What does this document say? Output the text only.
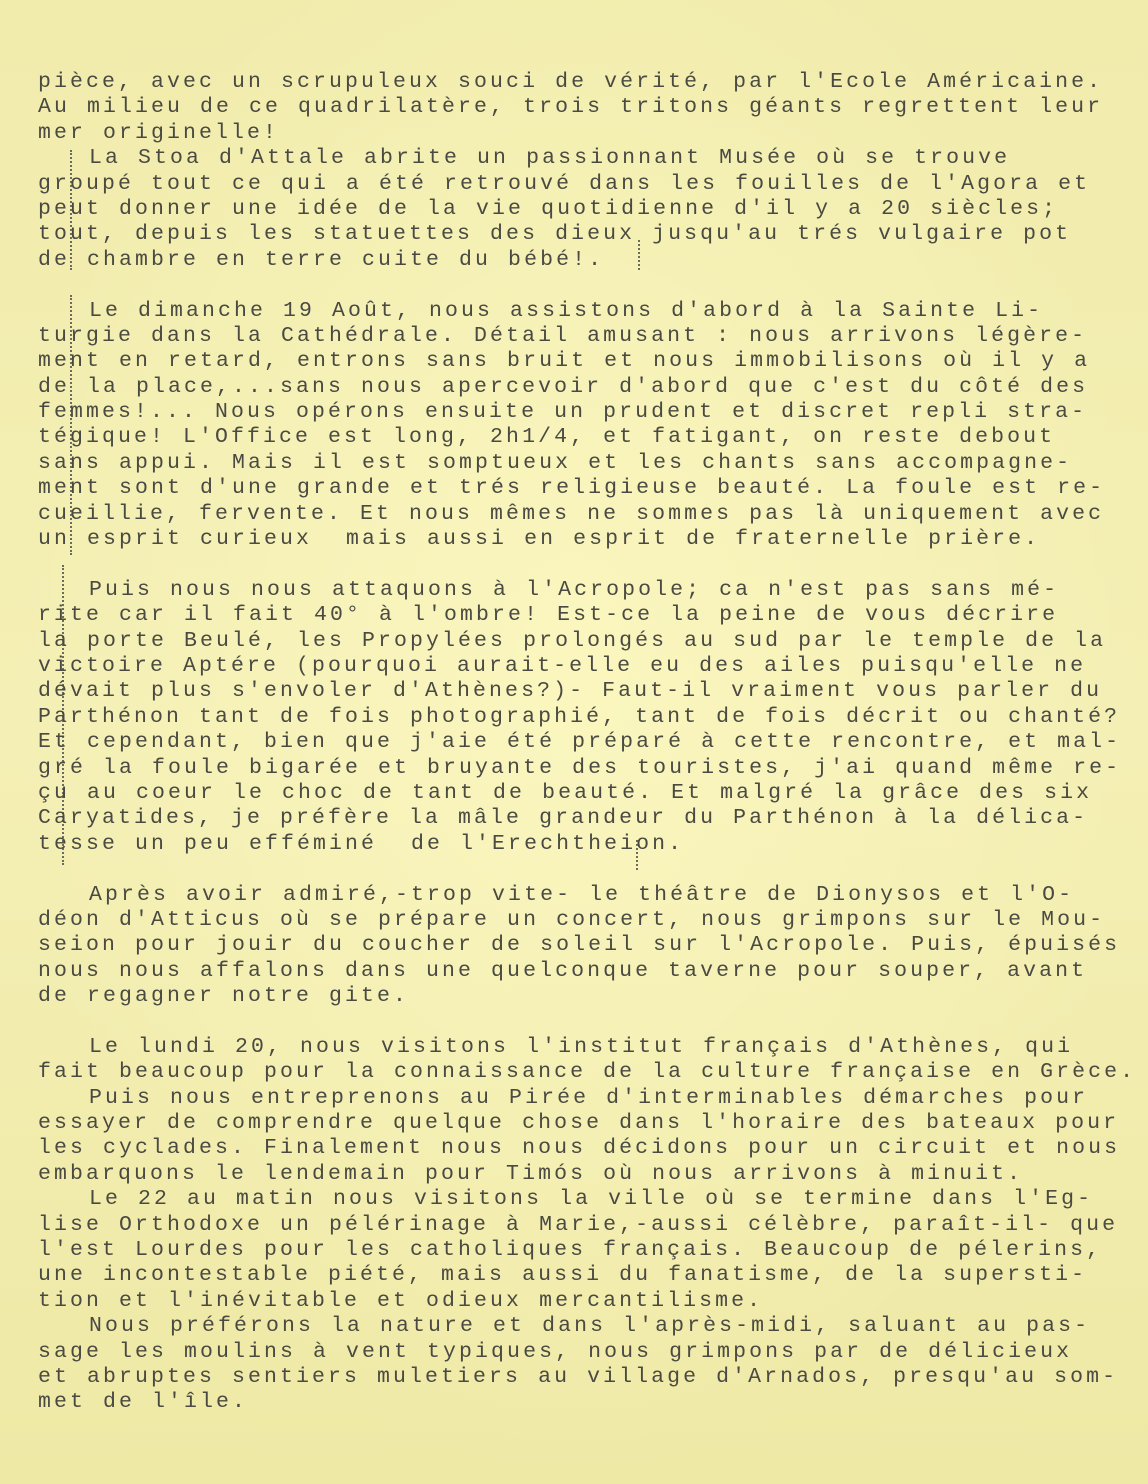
pièce, avec un scrupuleux souci de vérité, par l'Ecole Américaine.
Au milieu de ce quadrilatère, trois tritons géants regrettent leur
mer originelle!
La Stoa d'Attale abrite un passionnant Musée où se trouve
groupé tout ce qui a été retrouvé dans les fouilles de l'Agora et
peut donner une idée de la vie quotidienne d'il y a 20 siècles;
tout, depuis les statuettes des dieux jusqu'au trés vulgaire pot
de chambre en terre cuite du bébé!.
Le dimanche 19 Août, nous assistons d'abord à la Sainte Li-
turgie dans la Cathédrale. Détail amusant : nous arrivons légère-
ment en retard, entrons sans bruit et nous immobilisons où il y a
de la place,...sans nous apercevoir d'abord que c'est du côté des
femmes!... Nous opérons ensuite un prudent et discret repli stra-
tégique! L'Office est long, 2h1/4, et fatigant, on reste debout
sans appui. Mais il est somptueux et les chants sans accompagne-
ment sont d'une grande et trés religieuse beauté. La foule est re-
cueillie, fervente. Et nous mêmes ne sommes pas là uniquement avec
un esprit curieux  mais aussi en esprit de fraternelle prière.
Puis nous nous attaquons à l'Acropole; ca n'est pas sans mé-
rite car il fait 40° à l'ombre! Est-ce la peine de vous décrire
la porte Beulé, les Propylées prolongés au sud par le temple de la
victoire Aptére (pourquoi aurait-elle eu des ailes puisqu'elle ne
dévait plus s'envoler d'Athènes?)- Faut-il vraiment vous parler du
Parthénon tant de fois photographié, tant de fois décrit ou chanté?
Et cependant, bien que j'aie été préparé à cette rencontre, et mal-
gré la foule bigarée et bruyante des touristes, j'ai quand même re-
çu au coeur le choc de tant de beauté. Et malgré la grâce des six
Caryatides, je préfère la mâle grandeur du Parthénon à la délica-
tesse un peu efféminé  de l'Erechtheion.
Après avoir admiré,-trop vite- le théâtre de Dionysos et l'O-
déon d'Atticus où se prépare un concert, nous grimpons sur le Mou-
seion pour jouir du coucher de soleil sur l'Acropole. Puis, épuisés
nous nous affalons dans une quelconque taverne pour souper, avant
de regagner notre gite.
Le lundi 20, nous visitons l'institut français d'Athènes, qui
fait beaucoup pour la connaissance de la culture française en Grèce.
Puis nous entreprenons au Pirée d'interminables démarches pour
essayer de comprendre quelque chose dans l'horaire des bateaux pour
les cyclades. Finalement nous nous décidons pour un circuit et nous
embarquons le lendemain pour Timós où nous arrivons à minuit.
Le 22 au matin nous visitons la ville où se termine dans l'Eg-
lise Orthodoxe un pélérinage à Marie,-aussi célèbre, paraît-il- que
l'est Lourdes pour les catholiques français. Beaucoup de pélerins,
une incontestable piété, mais aussi du fanatisme, de la supersti-
tion et l'inévitable et odieux mercantilisme.
Nous préférons la nature et dans l'après-midi, saluant au pas-
sage les moulins à vent typiques, nous grimpons par de délicieux
et abruptes sentiers muletiers au village d'Arnados, presqu'au som-
met de l'île.
